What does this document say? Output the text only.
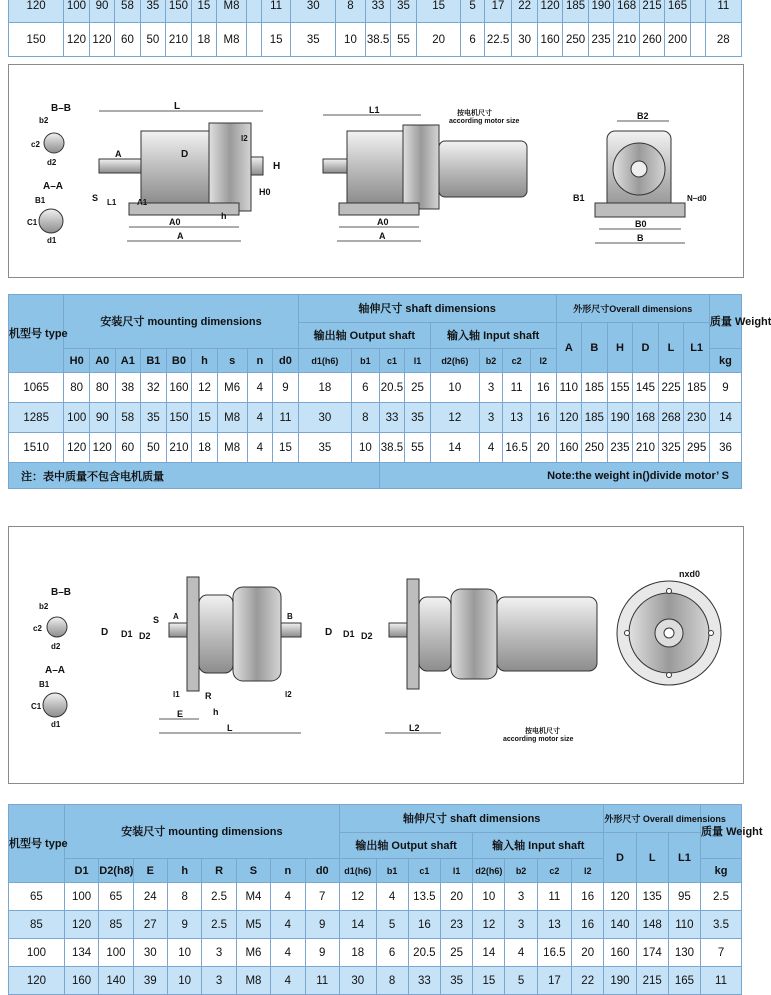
120	100	90	58	35	150	15	M8		11	30	8	33	35	15	5	17	22	120	185	190	168	215	165		11
150	120	120	60	50	210	18	M8		15	35	10	38.5	55	20	6	22.5	30	160	250	235	210	260	200		28
B–B
b2
c2
d2
A–A
B1
C1
d1
L
A	D
H
H0
l2
S L1	A1
h
A0
A
L1	按电机尺寸
according motor size
A0
A
B2
B1	N–d0
B0
B
机型号 type	安装尺寸 mounting dimensions									轴伸尺寸 shaft dimensions								外形尺寸Overall dimensions						质量 Weight
										输出轴 Output shaft				输入轴 Input shaft				A	B	H	D	L	L1	
	H0	A0	A1	B1	B0	h	s	n	d0	d1(h6)	b1	c1	l1	d2(h6)	b2	c2	l2							kg
1065	80	80	38	32	160	12	M6	4	9	18	6	20.5	25	10	3	11	16	110	185	155	145	225	185	9
1285	100	90	58	35	150	15	M8	4	11	30	8	33	35	12	3	13	16	120	185	190	168	268	230	14
1510	120	120	60	50	210	18	M8	4	15	35	10	38.5	55	14	4	16.5	20	160	250	235	210	325	295	36
注：表中质量不包含电机质量												Note:the weight in()divide motor’ S												
B–B
b2
c2
d2
A–A
B1
C1
d1
D D1 D2
S A	B
l1	R	l2
E	h
L
D D1 D2
L2	按电机尺寸
according motor size
nxd0
机型号 type	安装尺寸 mounting dimensions								轴伸尺寸 shaft dimensions								外形尺寸 Overall dimensions			质量 Weight
									输出轴 Output shaft				输入轴 Input shaft				D	L	L1	
	D1	D2(h8)	E	h	R	S	n	d0	d1(h6)	b1	c1	l1	d2(h6)	b2	c2	l2				kg
65	100	65	24	8	2.5	M4	4	7	12	4	13.5	20	10	3	11	16	120	135	95	2.5
85	120	85	27	9	2.5	M5	4	9	14	5	16	23	12	3	13	16	140	148	110	3.5
100	134	100	30	10	3	M6	4	9	18	6	20.5	25	14	4	16.5	20	160	174	130	7
120	160	140	39	10	3	M8	4	11	30	8	33	35	15	5	17	22	190	215	165	11
